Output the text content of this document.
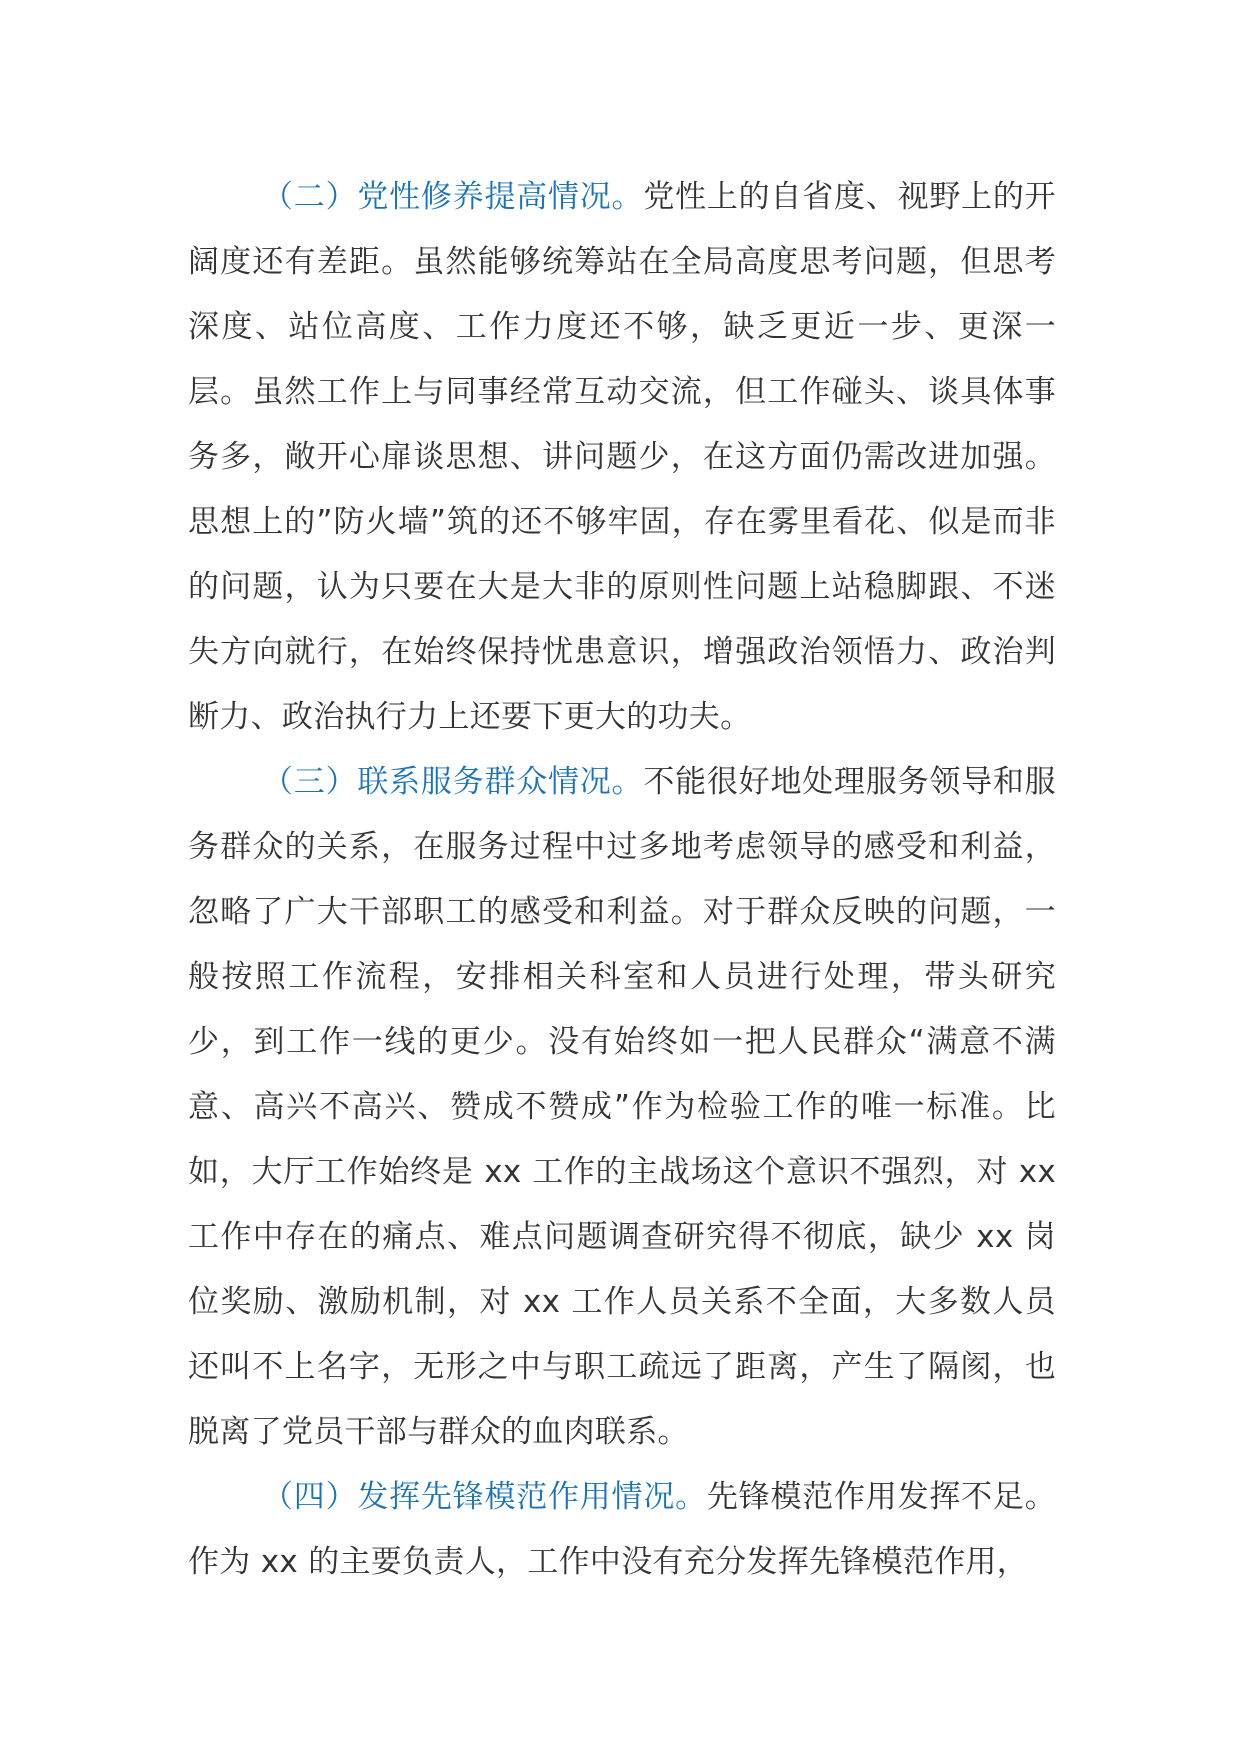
（二）党性修养提高情况。党性上的自省度、视野上的开阔度还有差距。虽然能够统筹站在全局高度思考问题，但思考深度、站位高度、工作力度还不够，缺乏更近一步、更深一层。虽然工作上与同事经常互动交流，但工作碰头、谈具体事务多，敞开心扉谈思想、讲问题少，在这方面仍需改进加强。思想上的”防火墙”筑的还不够牢固，存在雾里看花、似是而非的问题，认为只要在大是大非的原则性问题上站稳脚跟、不迷失方向就行，在始终保持忧患意识，增强政治领悟力、政治判断力、政治执行力上还要下更大的功夫。

（三）联系服务群众情况。不能很好地处理服务领导和服务群众的关系，在服务过程中过多地考虑领导的感受和利益，忽略了广大干部职工的感受和利益。对于群众反映的问题，一般按照工作流程，安排相关科室和人员进行处理，带头研究少，到工作一线的更少。没有始终如一把人民群众“满意不满意、高兴不高兴、赞成不赞成”作为检验工作的唯一标准。比如，大厅工作始终是 xx 工作的主战场这个意识不强烈，对 xx 工作中存在的痛点、难点问题调查研究得不彻底，缺少 xx 岗位奖励、激励机制，对 xx 工作人员关系不全面，大多数人员还叫不上名字，无形之中与职工疏远了距离，产生了隔阂，也脱离了党员干部与群众的血肉联系。

（四）发挥先锋模范作用情况。先锋模范作用发挥不足。作为 xx 的主要负责人，工作中没有充分发挥先锋模范作用，
